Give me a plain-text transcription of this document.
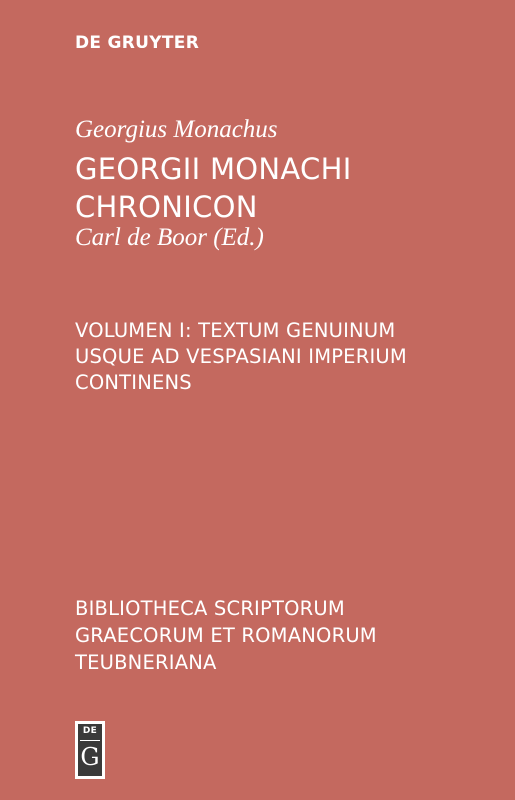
DE GRUYTER
Georgius Monachus
GEORGII MONACHI
CHRONICON
Carl de Boor (Ed.)
VOLUMEN I: TEXTUM GENUINUM
USQUE AD VESPASIANI IMPERIUM
CONTINENS
BIBLIOTHECA SCRIPTORUM
GRAECORUM ET ROMANORUM
TEUBNERIANA
DE
G
